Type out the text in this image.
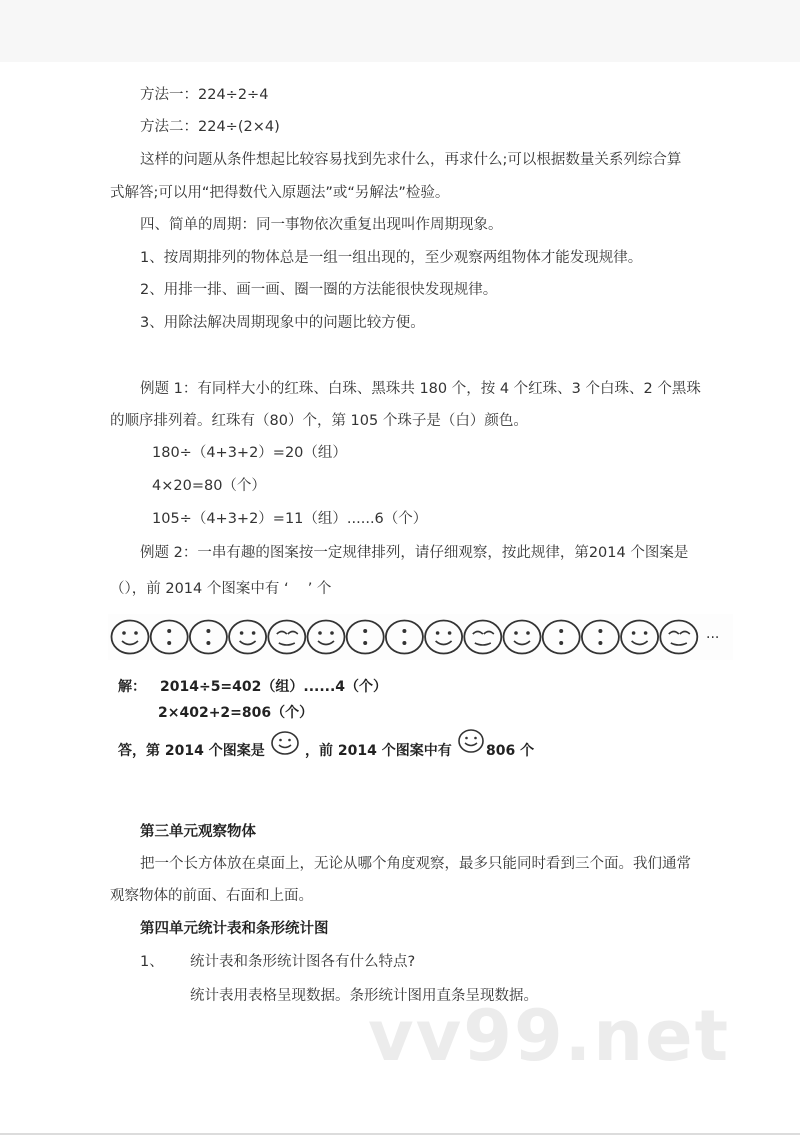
方法一：224÷2÷4
方法二：224÷(2×4)
这样的问题从条件想起比较容易找到先求什么，再求什么;可以根据数量关系列综合算
式解答;可以用“把得数代入原题法”或“另解法”检验。
四、简单的周期：同一事物依次重复出现叫作周期现象。
1、按周期排列的物体总是一组一组出现的，至少观察两组物体才能发现规律。
2、用排一排、画一画、圈一圈的方法能很快发现规律。
3、用除法解决周期现象中的问题比较方便。
例题 1：有同样大小的红珠、白珠、黑珠共 180 个，按 4 个红珠、3 个白珠、2 个黑珠
的顺序排列着。红珠有（80）个，第 105 个珠子是（白）颜色。
180÷（4+3+2）=20（组）
4×20=80（个）
105÷（4+3+2）=11（组）......6（个）
例题 2：一串有趣的图案按一定规律排列，请仔细观察，按此规律，第2014 个图案是
（），前 2014 个图案中有 ‘　 ’ 个
···
解： 2014÷5=402（组）......4（个）
2×402+2=806（个）
答，第 2014 个图案是	，前 2014 个图案中有 806 个
第三单元观察物体
把一个长方体放在桌面上，无论从哪个角度观察，最多只能同时看到三个面。我们通常
观察物体的前面、右面和上面。
第四单元统计表和条形统计图
1、 统计表和条形统计图各有什么特点?
统计表用表格呈现数据。条形统计图用直条呈现数据。
vv99.net
